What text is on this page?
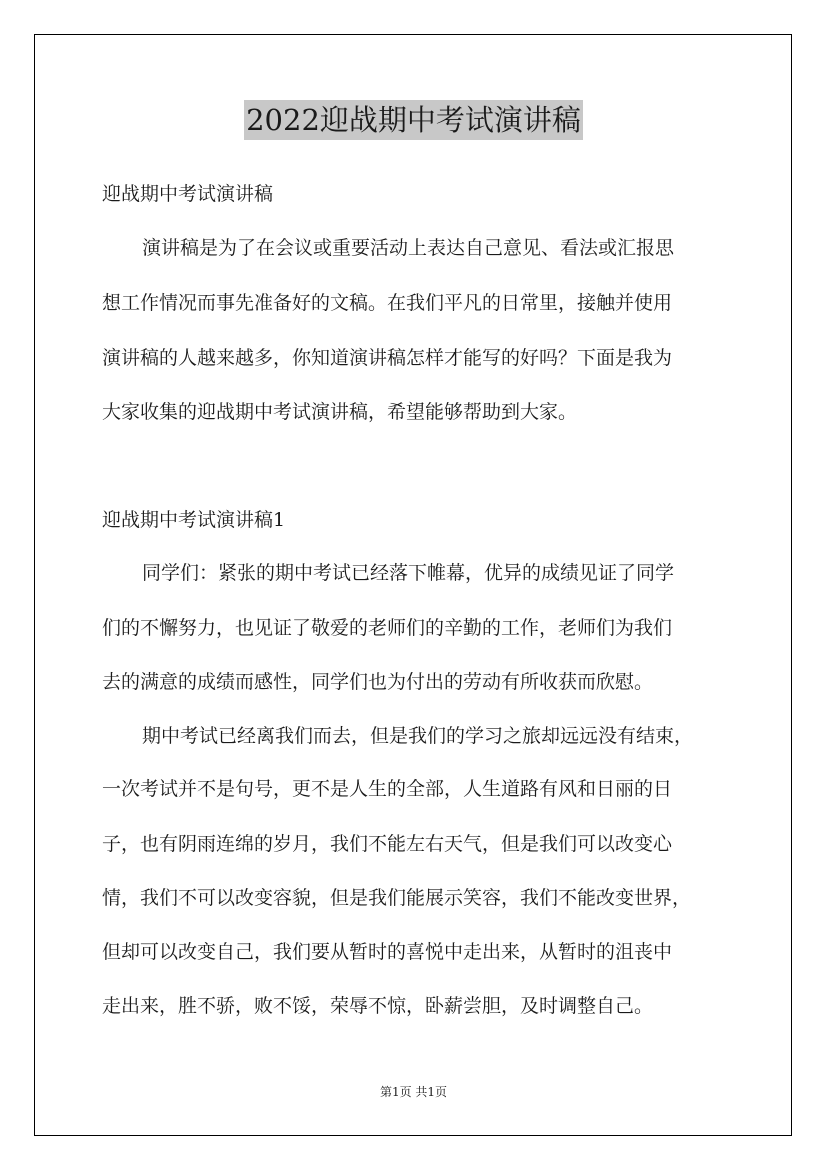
2022迎战期中考试演讲稿

迎战期中考试演讲稿

演讲稿是为了在会议或重要活动上表达自己意见、看法或汇报思

想工作情况而事先准备好的文稿。在我们平凡的日常里，接触并使用

演讲稿的人越来越多，你知道演讲稿怎样才能写的好吗？下面是我为

大家收集的迎战期中考试演讲稿，希望能够帮助到大家。

迎战期中考试演讲稿1

同学们：紧张的期中考试已经落下帷幕，优异的成绩见证了同学

们的不懈努力，也见证了敬爱的老师们的辛勤的工作，老师们为我们

去的满意的成绩而感性，同学们也为付出的劳动有所收获而欣慰。

期中考试已经离我们而去，但是我们的学习之旅却远远没有结束，

一次考试并不是句号，更不是人生的全部，人生道路有风和日丽的日

子，也有阴雨连绵的岁月，我们不能左右天气，但是我们可以改变心

情，我们不可以改变容貌，但是我们能展示笑容，我们不能改变世界，

但却可以改变自己，我们要从暂时的喜悦中走出来，从暂时的沮丧中

走出来，胜不骄，败不馁，荣辱不惊，卧薪尝胆，及时调整自己。

第1页 共1页
